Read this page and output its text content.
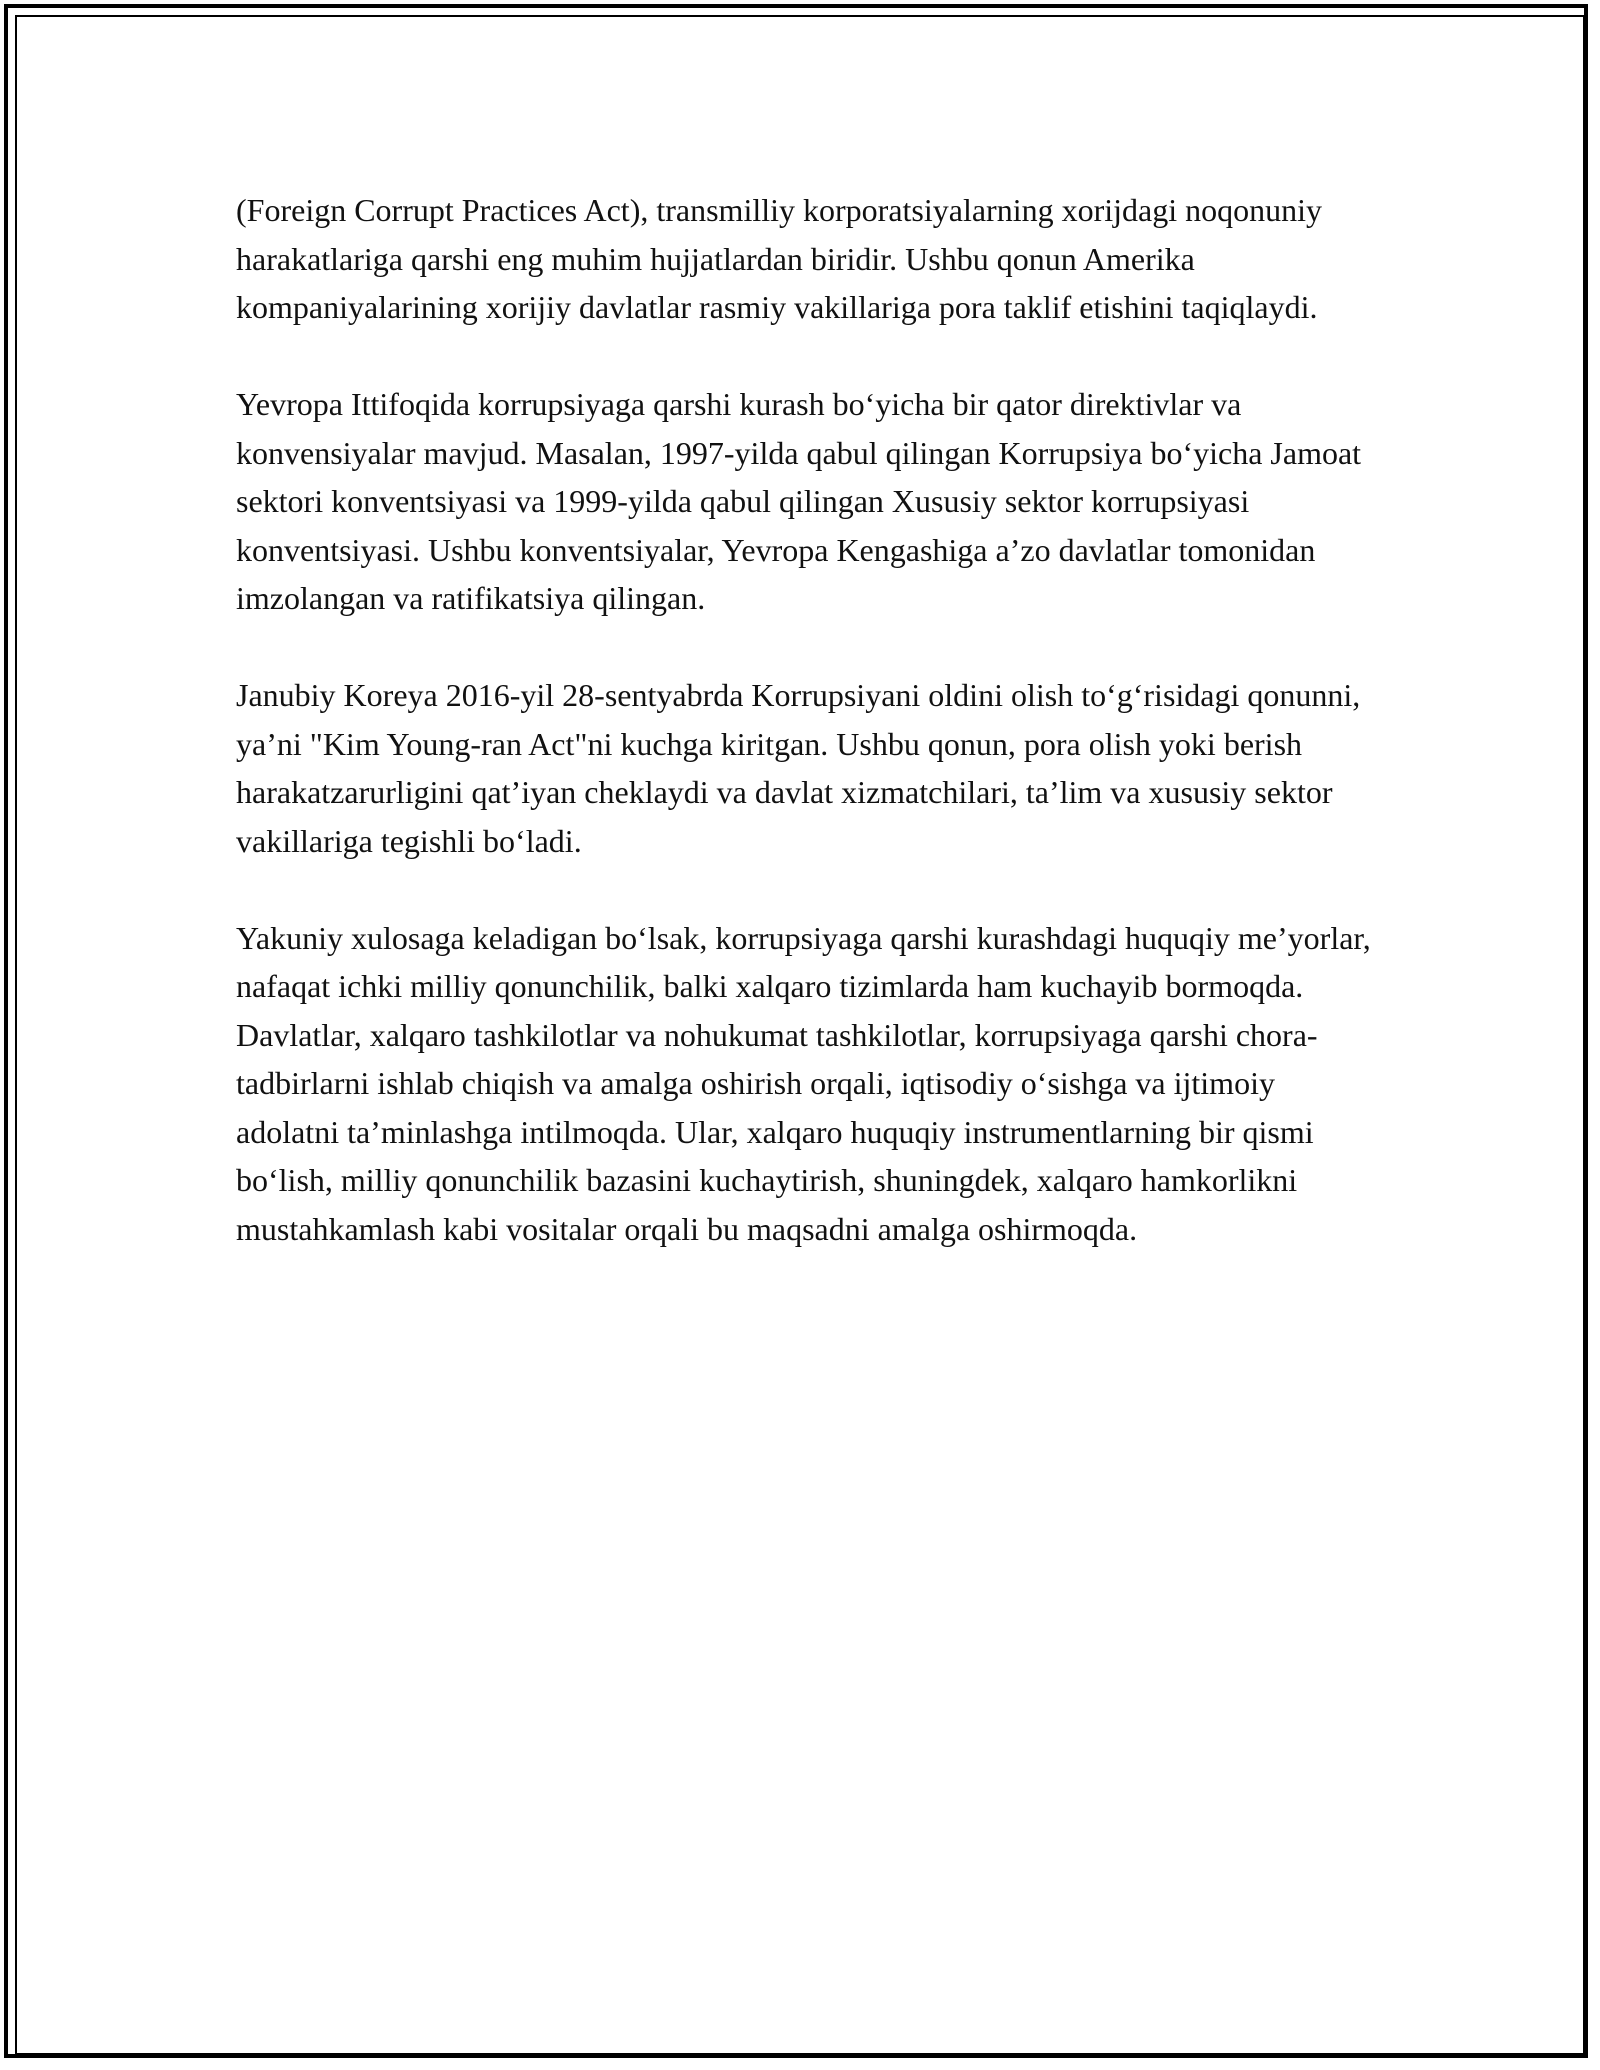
(Foreign Corrupt Practices Act), transmilliy korporatsiyalarning xorijdagi noqonuniy harakatlariga qarshi eng muhim hujjatlardan biridir. Ushbu qonun Amerika kompaniyalarining xorijiy davlatlar rasmiy vakillariga pora taklif etishini taqiqlaydi.

Yevropa Ittifoqida korrupsiyaga qarshi kurash bo‘yicha bir qator direktivlar va konvensiyalar mavjud. Masalan, 1997-yilda qabul qilingan Korrupsiya bo‘yicha Jamoat sektori konventsiyasi va 1999-yilda qabul qilingan Xususiy sektor korrupsiyasi konventsiyasi. Ushbu konventsiyalar, Yevropa Kengashiga a’zo davlatlar tomonidan imzolangan va ratifikatsiya qilingan.

Janubiy Koreya 2016-yil 28-sentyabrda Korrupsiyani oldini olish to‘g‘risidagi qonunni, ya’ni "Kim Young-ran Act"ni kuchga kiritgan. Ushbu qonun, pora olish yoki berish harakatzarurligini qat’iyan cheklaydi va davlat xizmatchilari, ta’lim va xususiy sektor vakillariga tegishli bo‘ladi.

Yakuniy xulosaga keladigan bo‘lsak, korrupsiyaga qarshi kurashdagi huquqiy me’yorlar, nafaqat ichki milliy qonunchilik, balki xalqaro tizimlarda ham kuchayib bormoqda. Davlatlar, xalqaro tashkilotlar va nohukumat tashkilotlar, korrupsiyaga qarshi chora-tadbirlarni ishlab chiqish va amalga oshirish orqali, iqtisodiy o‘sishga va ijtimoiy adolatni ta’minlashga intilmoqda. Ular, xalqaro huquqiy instrumentlarning bir qismi bo‘lish, milliy qonunchilik bazasini kuchaytirish, shuningdek, xalqaro hamkorlikni mustahkamlash kabi vositalar orqali bu maqsadni amalga oshirmoqda.
